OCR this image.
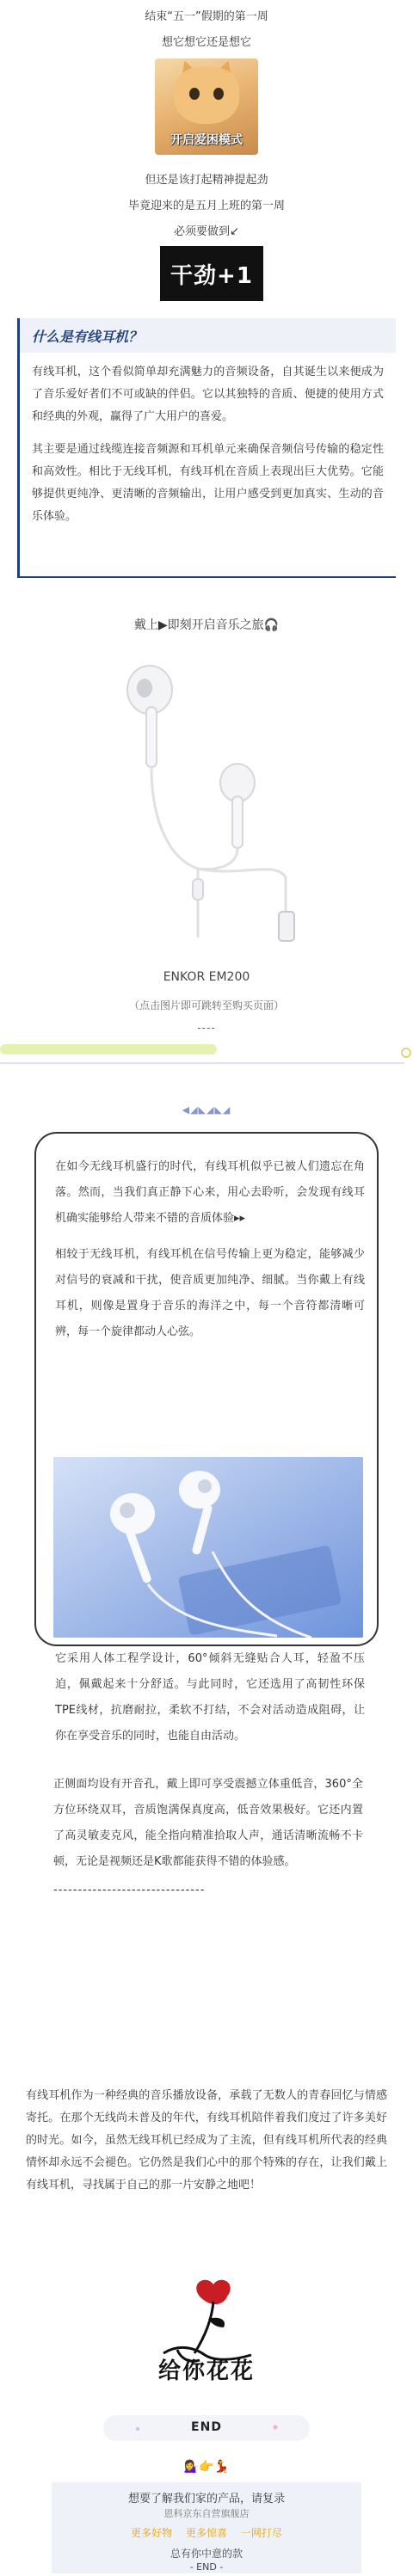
结束“五一”假期的第一周
想它想它还是想它
开启爱困模式
但还是该打起精神提起劲
毕竟迎来的是五月上班的第一周
必须要做到↙
干劲+1
什么是有线耳机？

有线耳机，这个看似简单却充满魅力的音频设备，自其诞生以来便成为了音乐爱好者们不可或缺的伴侣。它以其独特的音质、便捷的使用方式和经典的外观，赢得了广大用户的喜爱。

其主要是通过线缆连接音频源和耳机单元来确保音频信号传输的稳定性和高效性。相比于无线耳机，有线耳机在音质上表现出巨大优势。它能够提供更纯净、更清晰的音频输出，让用户感受到更加真实、生动的音乐体验。

戴上▶即刻开启音乐之旅🎧
ENKOR EM200
（点击图片即可跳转至购买页面）
----
◀◢◣◢◣◢
在如今无线耳机盛行的时代，有线耳机似乎已被人们遗忘在角落。然而，当我们真正静下心来，用心去聆听，会发现有线耳机确实能够给人带来不错的音质体验▸▸
相较于无线耳机，有线耳机在信号传输上更为稳定，能够减少对信号的衰减和干扰，使音质更加纯净、细腻。当你戴上有线耳机，则像是置身于音乐的海洋之中，每一个音符都清晰可辨，每一个旋律都动人心弦。
它采用人体工程学设计，60°倾斜无缝贴合人耳，轻盈不压迫，佩戴起来十分舒适。与此同时，它还选用了高韧性环保TPE线材，抗磨耐拉，柔软不打结，不会对活动造成阻碍，让你在享受音乐的同时，也能自由活动。
正侧面均设有开音孔，戴上即可享受震撼立体重低音，360°全方位环绕双耳，音质饱满保真度高，低音效果极好。它还内置了高灵敏麦克风，能全指向精准拾取人声，通话清晰流畅不卡顿，无论是视频还是K歌都能获得不错的体验感。
-------------------------------
有线耳机作为一种经典的音乐播放设备，承载了无数人的青春回忆与情感寄托。在那个无线尚未普及的年代，有线耳机陪伴着我们度过了许多美好的时光。如今，虽然无线耳机已经成为了主流，但有线耳机所代表的经典情怀却永远不会褪色。它仍然是我们心中的那个特殊的存在，让我们戴上有线耳机，寻找属于自己的那一片安静之地吧！
给你花花
END
💁‍♀️👉💃
想要了解我们家的产品，请复录
恩科京东自营旗舰店
更多好物 更多惊喜 一网打尽
总有你中意的款
- END -
